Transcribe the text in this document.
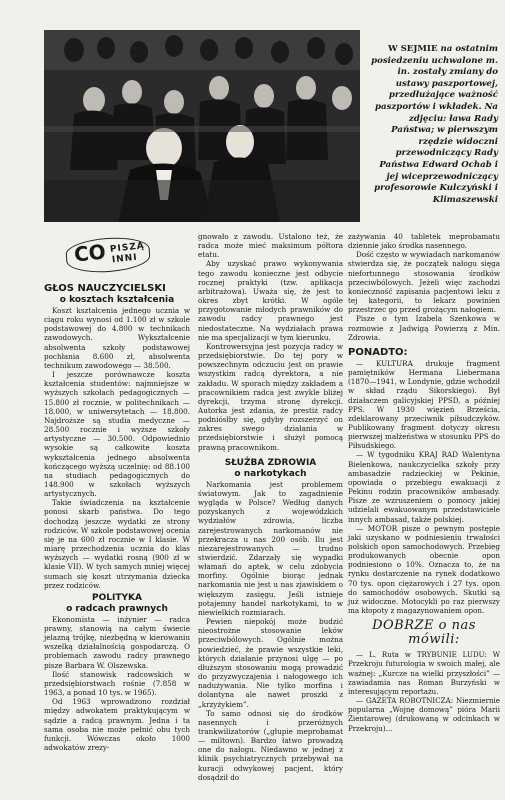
W SEJMIE na ostatnim posiedzeniu uchwalone m. in. zostały zmiany do ustawy paszportowej, przedłużające ważność paszportów i wkładek. Na zdjęciu: ława Rady Państwa; w pierwszym rzędzie widoczni przewodniczący Rady Państwa Edward Ochab i jej wiceprzewodniczący profesorowie Kulczyński i Klimaszewski
CO PISZĄ
INNI
GŁOS NAUCZYCIELSKI
o kosztach kształcenia

Koszt kształcenia jednego ucznia w ciągu roku wynosi od 1.100 zł w szkole podstawowej do 4.800 w technikach zawodowych. Wykształcenie absolwenta szkoły podstawowej pochłania 8.600 zł, absolwenta technikum zawodowego — 38.500.

I jeszcze porównawcze koszta kształcenia studentów: najmniejsze w wyższych szkołach pedagogicznych — 15.800 zł rocznie, w politechnikach — 18.000, w uniwersytetach — 18.800. Najdroższe są studia medyczne — 28.500 rocznie i wyższe szkoły artystyczne — 30.500. Odpowiednio wysokie są całkowite koszta wykształcenia jednego absolwenta kończącego wyższą uczelnię: od 88.100 na studiach pedagogicznych do 148.900 w szkołach wyższych artystycznych.

Takie świadczenia na kształcenie ponosi skarb państwa. Do tego dochodzą jeszcze wydatki ze strony rodziców. W szkole podstawowej ocenia się je na 600 zł rocznie w I klasie. W miarę przechodzenia ucznia do klas wyższych — wydatki rosną (900 zł w klasie VII). W tych samych mniej więcej sumach się koszt utrzymania dziecka przez rodziców.

POLITYKA
o radcach prawnych

Ekonomista — inżynier — radca prawny, stanowią na całym świecie jelazną trójkę, niezbędną w kierowaniu wszelką działalnością gospodarczą. O problemach zawodu radcy prawnego pisze Barbara W. Olszewska.

Ilość stanowisk radcowskich w przedsiębiorstwach rośnie (7.858 w 1963, a ponad 10 tys. w 1965).

Od 1963 wprowadzono rozdział między adwokatem praktykującym w sądzie a radcą prawnym. Jedna i ta sama osoba nie może pełnić obu tych funkcji. Wówczas około 1000 adwokatów zrezy-

gnowało z zawodu. Ustalono też, że radca może mieć maksimum półtora etatu.

Aby uzyskać prawo wykonywania tego zawodu konieczne jest odbycie rocznej praktyki (tzw. aplikacja arbitrażowa). Uważa się, że jest to okres zbyt krótki. W ogóle przygotowanie młodych prawników do zawodu radcy prawnego jest niedostateczne. Na wydziałach prawa nie ma specjalizacji w tym kierunku.

Kontrowersyjna jest pozycja radcy w przedsiębiorstwie. Do tej pory w powszechnym odczuciu jest on prawie wszystkim radcą dyrektora, a nie zakładu. W sporach między zakładem a pracownikiem radca jest zwykle bliżej dyrekcji, trzyma stronę dyrekcji. Autorka jest zdania, że prestiż radcy podniósłby się, gdyby rozszerzyć on zakres swego działania w przedsiębiorstwie i służył pomocą prawną pracownikom.

SŁUŻBA ZDROWIA
o narkotykach

Narkomania jest problemem światowym. Jak to zagadnienie wygląda w Polsce? Według danych pozyskanych z wojewódzkich wydziałów zdrowia, liczba zarejestrowanych narkomanów nie przekracza u nas 200 osób. Ilu jest niezarejestrowanych — trudno stwierdzić. Zdarzały się wypadki włamań do aptek, w celu zdobycia morfiny. Ogólnie biorąc jednak narkomania nie jest u nas zjawiskiem o większym zasięgu. Jeśli istnieje potajemny handel narkotykami, to w niewielkich rozmiarach.

Pewien niepokój może budzić nieostrożne stosowanie leków przeciwbólowych. Ogólnie można powiedzieć, że prawie wszystkie leki, których działanie przynosi ulgę — po dłuższym stosowaniu mogą prowadzić do przyzwyczajenia i nałogowego ich nadużywania. Nie tylko morfina i dolantyna ale nawet proszki z „krzyżykiem”.

To samo odnosi się do środków nasennych i przeróżnych trankwilizatorów („głupie meprobamat — miltown). Bardzo łatwo prowadzą one do nałogu. Niedawno w jednej z klinik psychiatrycznych przebywał na kuracji odwykowej pacjent, który dosądził do

zażywania 40 tabletek meprobamatu dziennie jako środka nasennego.

Dość często w wywiadach narkomanów stwierdza się, że początek nałogu sięga niefortunnego stosowania środków przeciwbólowych. Jeżeli więc zachodzi konieczność zapisania pacjentowi leku z tej kategorii, to lekarz powinien przestrzec go przed grożącym nałogiem.

Pisze o tym Izabela Szenkowa w rozmowie z Jadwigą Powierzą z Min. Zdrowia.

PONADTO:

— KULTURA drukuje fragment pamiętników Hermana Liebermana (1870—1941, w Londynie, gdzie wchodził w skład rządu Sikorskiego). Był działaczem galicyjskiej PPSD, a później PPS. W 1930 więzień Brześcia, zdeklarowany przeciwnik piłsudczyków. Publikowany fragment dotyczy okresu pierwszej małżeństwa w stosunku PPS do Piłsudskiego.

— W tygodniku KRAJ RAD Walentyna Bielenkowa, naukczycielka szkoły przy ambasadzie radzieckiej w Pekinie, opowiada o przebiegu ewakuacji z Pekinu rodzin pracowników ambasady. Pisze ze wzruszeniem o pomocy jakiej udzielali ewakuowanym przedstawiciele innych ambasad, także polskiej.

— MOTOR pisze o pewnym postępie jaki uzyskano w podniesieniu trwałości polskich opon samochodowych. Przebieg produkowanych obecnie opon podniesiono o 10%. Oznacza to, że na rynku dostarczenie na rynek dodatkowo 70 tys. opon ciężarowych i 27 tys. opon do samochodów osobowych. Skutki są już widoczne. Motocykli po raz pierwszy ma kłopoty z magazynowaniem opon.

DOBRZE o nas
mówili:

— L. Ruta w TRYBUNIE LUDU: W Przekroju futurologia w swoich małej, ale ważnej: „Kurcze na wielki przyszłości” — zawiadamia nas Roman Burzyński w interesującym reportażu.

— GAZETA ROBOTNICZA: Niezmiernie popularna „Wojnę domową” pióra Marii Zientarowej (drukowaną w odcinkach w Przekroju)...
